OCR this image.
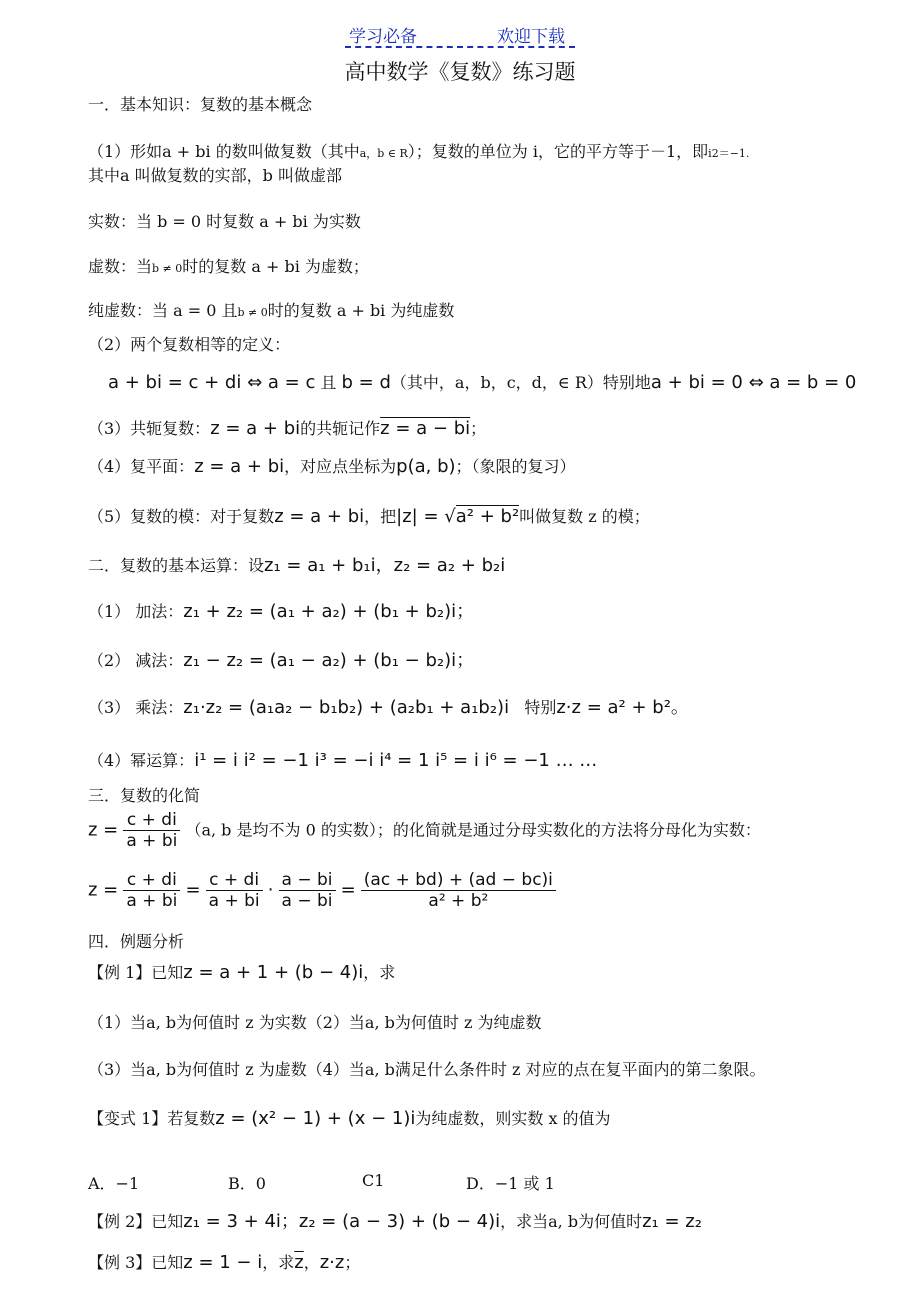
学习必备	欢迎下载
高中数学《复数》练习题
一．基本知识：复数的基本概念
（1）形如a + bi 的数叫做复数（其中a，b ∈ R）；复数的单位为 i，它的平方等于－1，即i2＝−1.
其中a 叫做复数的实部，b 叫做虚部
实数：当 b = 0 时复数 a + bi 为实数
虚数：当b ≠ 0时的复数 a + bi 为虚数；
纯虚数：当 a = 0 且b ≠ 0时的复数 a + bi 为纯虚数
（2）两个复数相等的定义：
a + bi = c + di ⇔ a = c 且 b = d（其中，a，b，c，d，∈ R）特别地a + bi = 0 ⇔ a = b = 0
（3）共轭复数：z = a + bi的共轭记作z = a − bi；
（4）复平面：z = a + bi，对应点坐标为p(a, b)；（象限的复习）
（5）复数的模：对于复数z = a + bi，把|z| = √a² + b²叫做复数 z 的模；
二．复数的基本运算：设z₁ = a₁ + b₁i，z₂ = a₂ + b₂i
（1） 加法：z₁ + z₂ = (a₁ + a₂) + (b₁ + b₂)i；
（2） 减法：z₁ − z₂ = (a₁ − a₂) + (b₁ − b₂)i；
（3） 乘法：z₁·z₂ = (a₁a₂ − b₁b₂) + (a₂b₁ + a₁b₂)i 特别z·z = a² + b²。
（4）幂运算：i¹ = i i² = −1 i³ = −i i⁴ = 1 i⁵ = i i⁶ = −1 … …
三．复数的化简
$z = \frac{c + di}{a + bi} (a$, b 是均不为 0 的实数）；的化简就是通过分母实数化的方法将分母化为实数：
$z = \frac{c + di}{a + bi} = \frac{c + di}{a + bi} \cdot \frac{a - bi}{a - bi} = \frac{(ac + bd) + (ad - bc)i}{\text{a² + b²}}$
四．例题分析
【例 1】已知z = a + 1 + (b − 4)i，求
（1）当a, b为何值时 z 为实数（2）当a, b为何值时 z 为纯虚数
（3）当a, b为何值时 z 为虚数（4）当a, b满足什么条件时 z 对应的点在复平面内的第二象限。
【变式 1】若复数z = (x² − 1) + (x − 1)i为纯虚数，则实数 x 的值为
A．−1	B．0	C1	D．−1 或 1
【例 2】已知z₁ = 3 + 4i；z₂ = (a − 3) + (b − 4)i，求当a, b为何值时z₁ = z₂
【例 3】已知z = 1 − i，求$\overline{z}$，z·z；
